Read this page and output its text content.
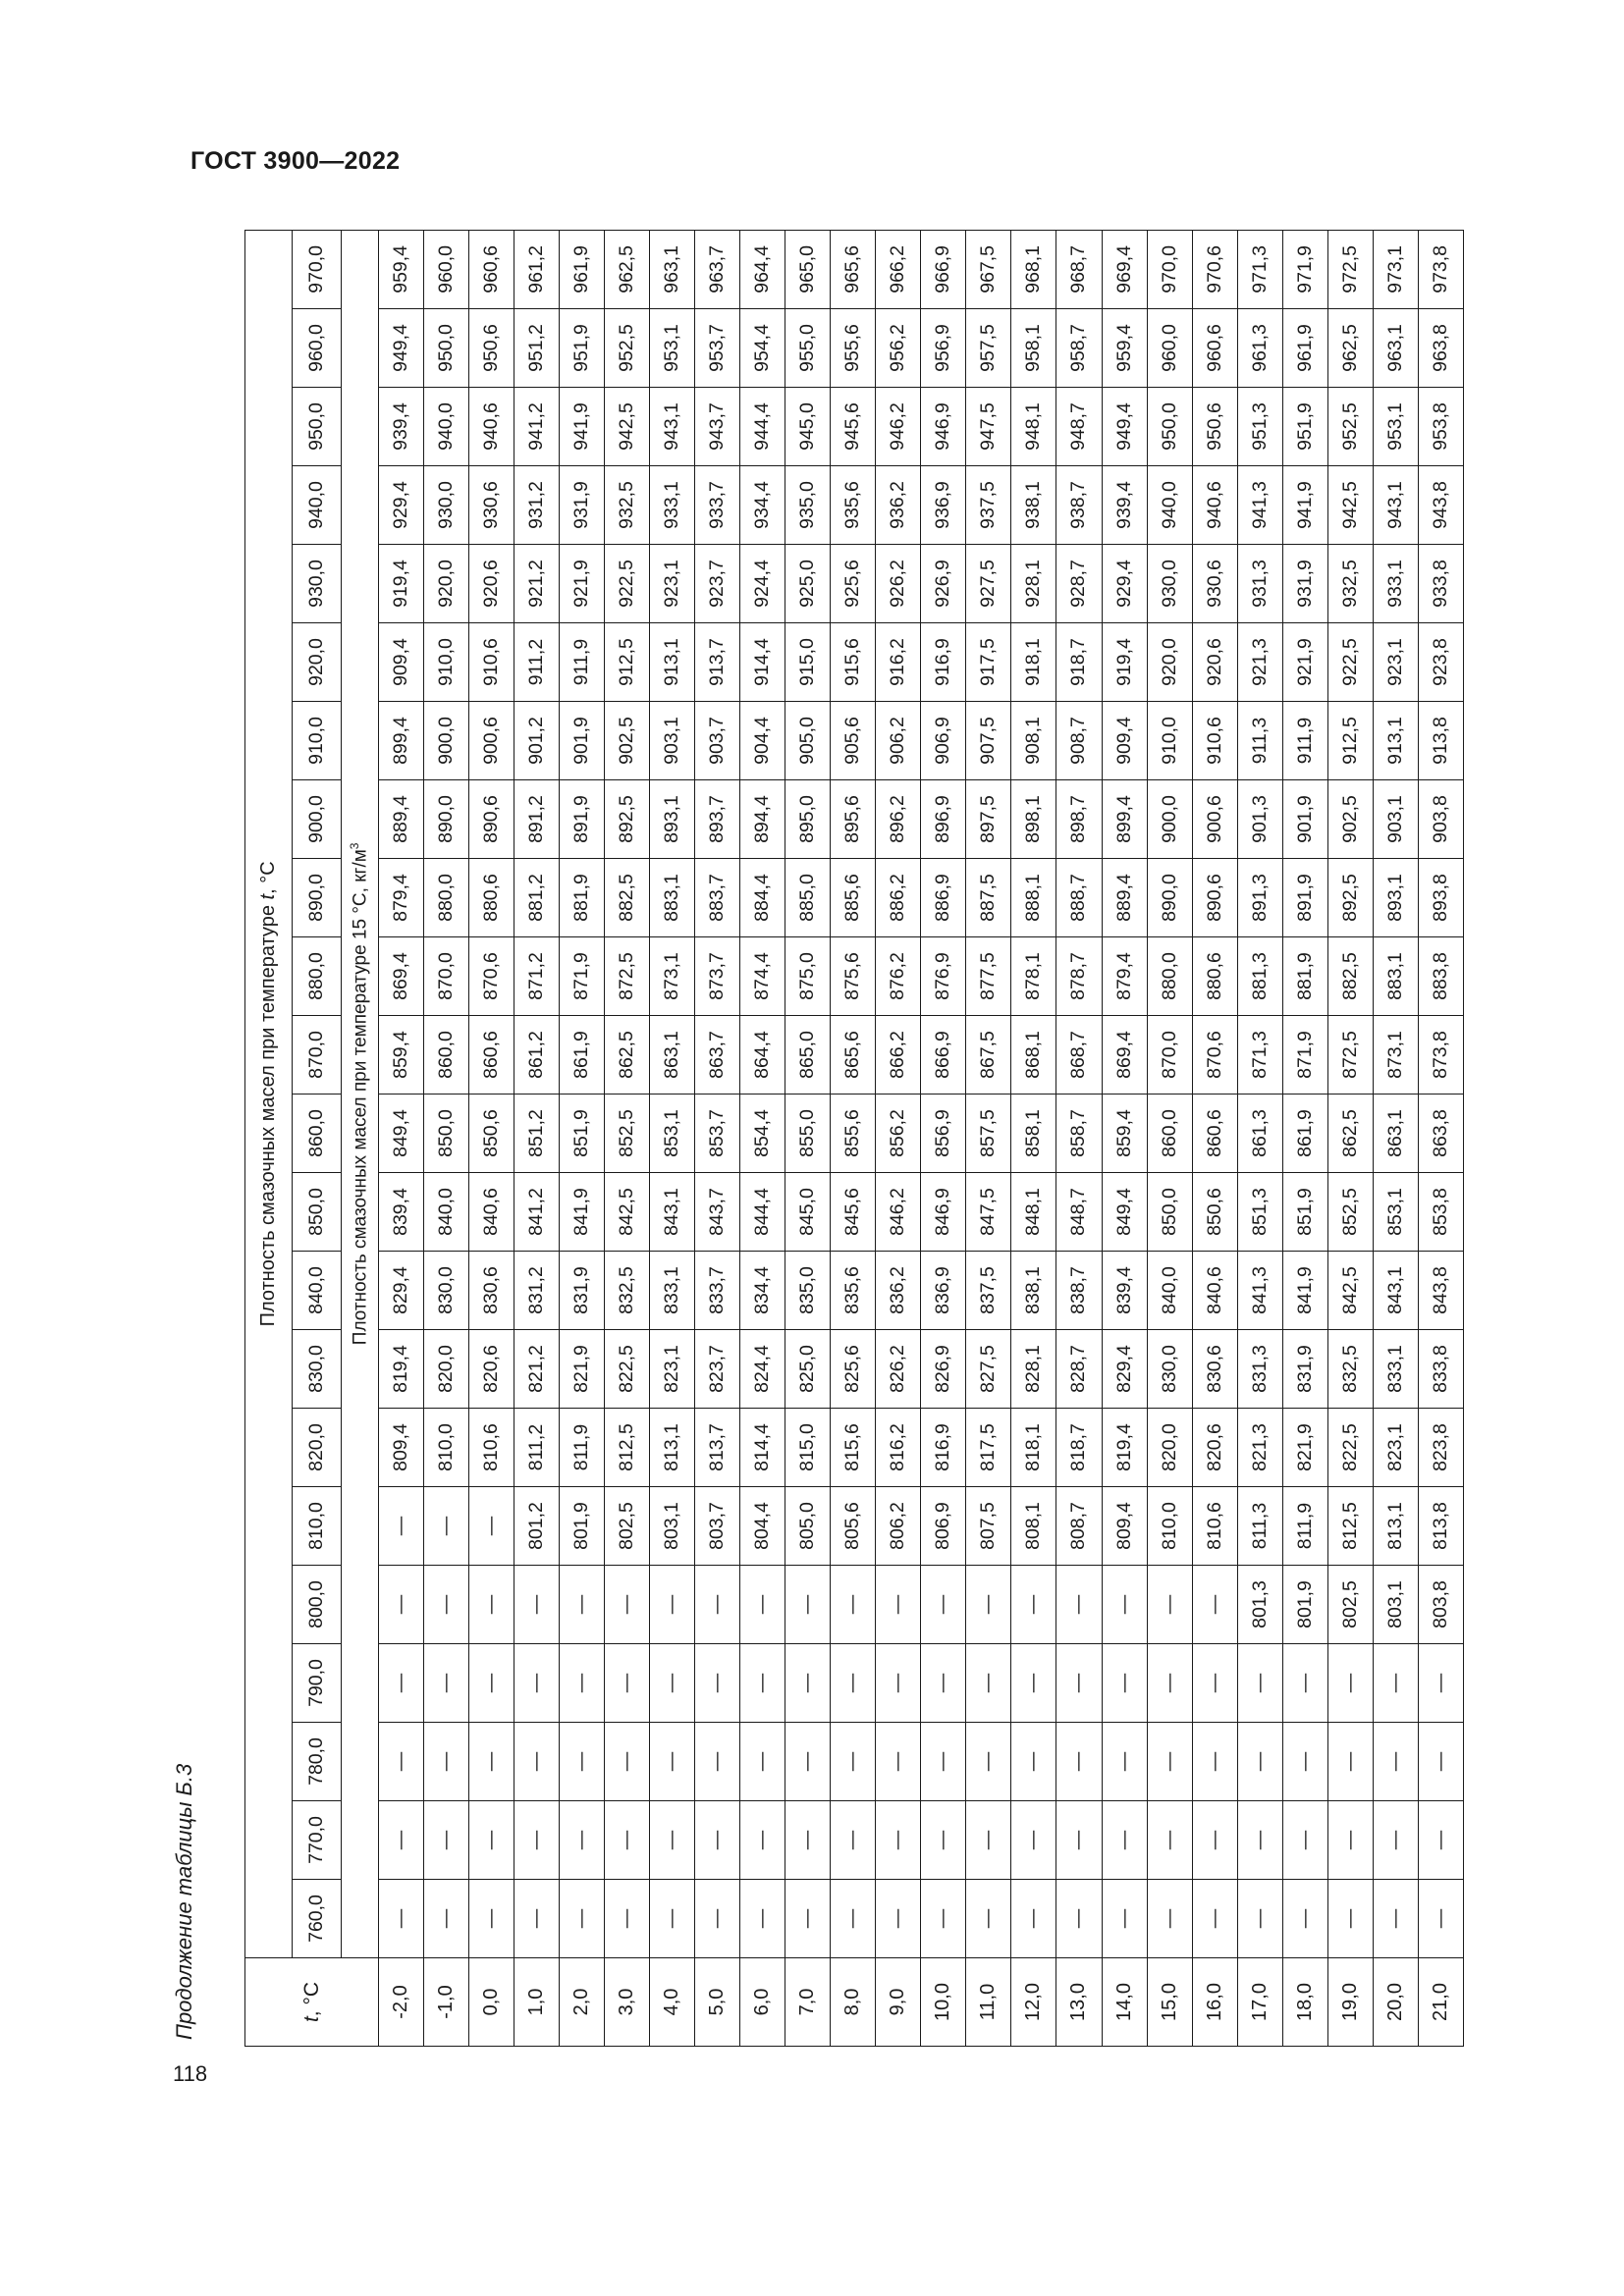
ГОСТ 3900—2022
Продолжение таблицы Б.3
118
t, °C	Плотность смазочных масел при температуре t, °C																					
	760,0	770,0	780,0	790,0	800,0	810,0	820,0	830,0	840,0	850,0	860,0	870,0	880,0	890,0	900,0	910,0	920,0	930,0	940,0	950,0	960,0	970,0
	Плотность смазочных масел при температуре 15 °C, $кг/м^3$
-2,0	—	—	—	—	—	—	809,4	819,4	829,4	839,4	849,4	859,4	869,4	879,4	889,4	899,4	909,4	919,4	929,4	939,4	949,4	959,4
-1,0	—	—	—	—	—	—	810,0	820,0	830,0	840,0	850,0	860,0	870,0	880,0	890,0	900,0	910,0	920,0	930,0	940,0	950,0	960,0
0,0	—	—	—	—	—	—	810,6	820,6	830,6	840,6	850,6	860,6	870,6	880,6	890,6	900,6	910,6	920,6	930,6	940,6	950,6	960,6
1,0	—	—	—	—	—	801,2	811,2	821,2	831,2	841,2	851,2	861,2	871,2	881,2	891,2	901,2	911,2	921,2	931,2	941,2	951,2	961,2
2,0	—	—	—	—	—	801,9	811,9	821,9	831,9	841,9	851,9	861,9	871,9	881,9	891,9	901,9	911,9	921,9	931,9	941,9	951,9	961,9
3,0	—	—	—	—	—	802,5	812,5	822,5	832,5	842,5	852,5	862,5	872,5	882,5	892,5	902,5	912,5	922,5	932,5	942,5	952,5	962,5
4,0	—	—	—	—	—	803,1	813,1	823,1	833,1	843,1	853,1	863,1	873,1	883,1	893,1	903,1	913,1	923,1	933,1	943,1	953,1	963,1
5,0	—	—	—	—	—	803,7	813,7	823,7	833,7	843,7	853,7	863,7	873,7	883,7	893,7	903,7	913,7	923,7	933,7	943,7	953,7	963,7
6,0	—	—	—	—	—	804,4	814,4	824,4	834,4	844,4	854,4	864,4	874,4	884,4	894,4	904,4	914,4	924,4	934,4	944,4	954,4	964,4
7,0	—	—	—	—	—	805,0	815,0	825,0	835,0	845,0	855,0	865,0	875,0	885,0	895,0	905,0	915,0	925,0	935,0	945,0	955,0	965,0
8,0	—	—	—	—	—	805,6	815,6	825,6	835,6	845,6	855,6	865,6	875,6	885,6	895,6	905,6	915,6	925,6	935,6	945,6	955,6	965,6
9,0	—	—	—	—	—	806,2	816,2	826,2	836,2	846,2	856,2	866,2	876,2	886,2	896,2	906,2	916,2	926,2	936,2	946,2	956,2	966,2
10,0	—	—	—	—	—	806,9	816,9	826,9	836,9	846,9	856,9	866,9	876,9	886,9	896,9	906,9	916,9	926,9	936,9	946,9	956,9	966,9
11,0	—	—	—	—	—	807,5	817,5	827,5	837,5	847,5	857,5	867,5	877,5	887,5	897,5	907,5	917,5	927,5	937,5	947,5	957,5	967,5
12,0	—	—	—	—	—	808,1	818,1	828,1	838,1	848,1	858,1	868,1	878,1	888,1	898,1	908,1	918,1	928,1	938,1	948,1	958,1	968,1
13,0	—	—	—	—	—	808,7	818,7	828,7	838,7	848,7	858,7	868,7	878,7	888,7	898,7	908,7	918,7	928,7	938,7	948,7	958,7	968,7
14,0	—	—	—	—	—	809,4	819,4	829,4	839,4	849,4	859,4	869,4	879,4	889,4	899,4	909,4	919,4	929,4	939,4	949,4	959,4	969,4
15,0	—	—	—	—	—	810,0	820,0	830,0	840,0	850,0	860,0	870,0	880,0	890,0	900,0	910,0	920,0	930,0	940,0	950,0	960,0	970,0
16,0	—	—	—	—	—	810,6	820,6	830,6	840,6	850,6	860,6	870,6	880,6	890,6	900,6	910,6	920,6	930,6	940,6	950,6	960,6	970,6
17,0	—	—	—	—	801,3	811,3	821,3	831,3	841,3	851,3	861,3	871,3	881,3	891,3	901,3	911,3	921,3	931,3	941,3	951,3	961,3	971,3
18,0	—	—	—	—	801,9	811,9	821,9	831,9	841,9	851,9	861,9	871,9	881,9	891,9	901,9	911,9	921,9	931,9	941,9	951,9	961,9	971,9
19,0	—	—	—	—	802,5	812,5	822,5	832,5	842,5	852,5	862,5	872,5	882,5	892,5	902,5	912,5	922,5	932,5	942,5	952,5	962,5	972,5
20,0	—	—	—	—	803,1	813,1	823,1	833,1	843,1	853,1	863,1	873,1	883,1	893,1	903,1	913,1	923,1	933,1	943,1	953,1	963,1	973,1
21,0	—	—	—	—	803,8	813,8	823,8	833,8	843,8	853,8	863,8	873,8	883,8	893,8	903,8	913,8	923,8	933,8	943,8	953,8	963,8	973,8
